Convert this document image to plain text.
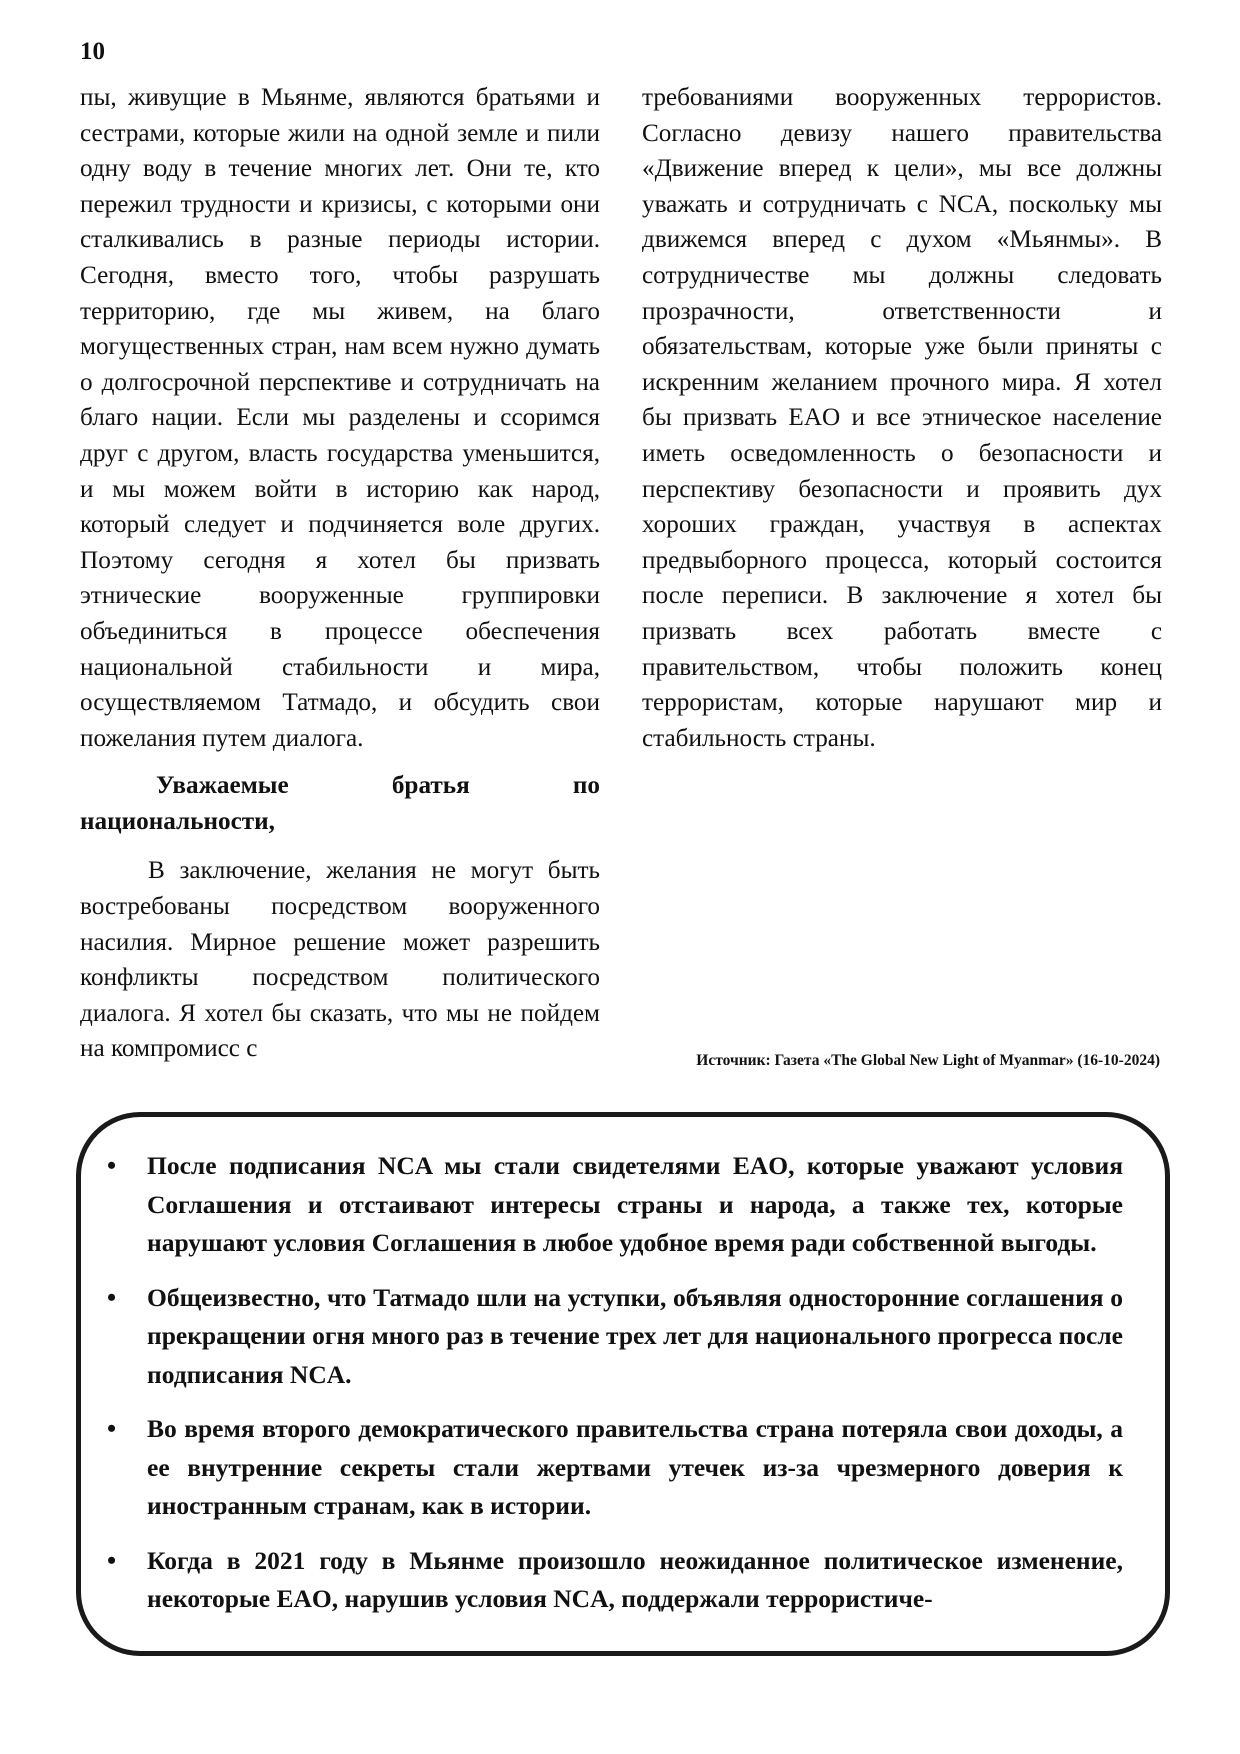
10

пы, живущие в Мьянме, являются братьями и сестрами, которые жили на одной земле и пили одну воду в течение многих лет. Они те, кто пережил трудности и кризисы, с которыми они сталкивались в разные периоды истории. Сегодня, вместо того, чтобы разрушать территорию, где мы живем, на благо могущественных стран, нам всем нужно думать о долгосрочной перспективе и сотрудничать на благо нации. Если мы разделены и ссоримся друг с другом, власть государства уменьшится, и мы можем войти в историю как народ, который следует и подчиняется воле других. Поэтому сегодня я хотел бы призвать этнические вооруженные группировки объединиться в процессе обеспечения национальной стабильности и мира, осуществляемом Татмадо, и обсудить свои пожелания путем диалога.

Уважаемые братья по национальности,

В заключение, желания не могут быть востребованы посредством вооруженного насилия. Мирное решение может разрешить конфликты посредством политического диалога. Я хотел бы сказать, что мы не пойдем на компромисс с

требованиями вооруженных террористов. Согласно девизу нашего правительства «Движение вперед к цели», мы все должны уважать и сотрудничать с NCA, поскольку мы движемся вперед с духом «Мьянмы». В сотрудничестве мы должны следовать прозрачности, ответственности и обязательствам, которые уже были приняты с искренним желанием прочного мира. Я хотел бы призвать EAO и все этническое население иметь осведомленность о безопасности и перспективу безопасности и проявить дух хороших граждан, участвуя в аспектах предвыборного процесса, который состоится после переписи. В заключение я хотел бы призвать всех работать вместе с правительством, чтобы положить конец террористам, которые нарушают мир и стабильность страны.

Источник: Газета «The Global New Light of Myanmar» (16-10-2024)
• После подписания NCA мы стали свидетелями EAO, которые уважают условия Соглашения и отстаивают интересы страны и народа, а также тех, которые нарушают условия Соглашения в любое удобное время ради собственной выгоды.
• Общеизвестно, что Татмадо шли на уступки, объявляя односторонние соглашения о прекращении огня много раз в течение трех лет для национального прогресса после подписания NCA.
• Во время второго демократического правительства страна потеряла свои доходы, а ее внутренние секреты стали жертвами утечек из-за чрезмерного доверия к иностранным странам, как в истории.
• Когда в 2021 году в Мьянме произошло неожиданное политическое изменение, некоторые EAO, нарушив условия NCA, поддержали террористиче-
